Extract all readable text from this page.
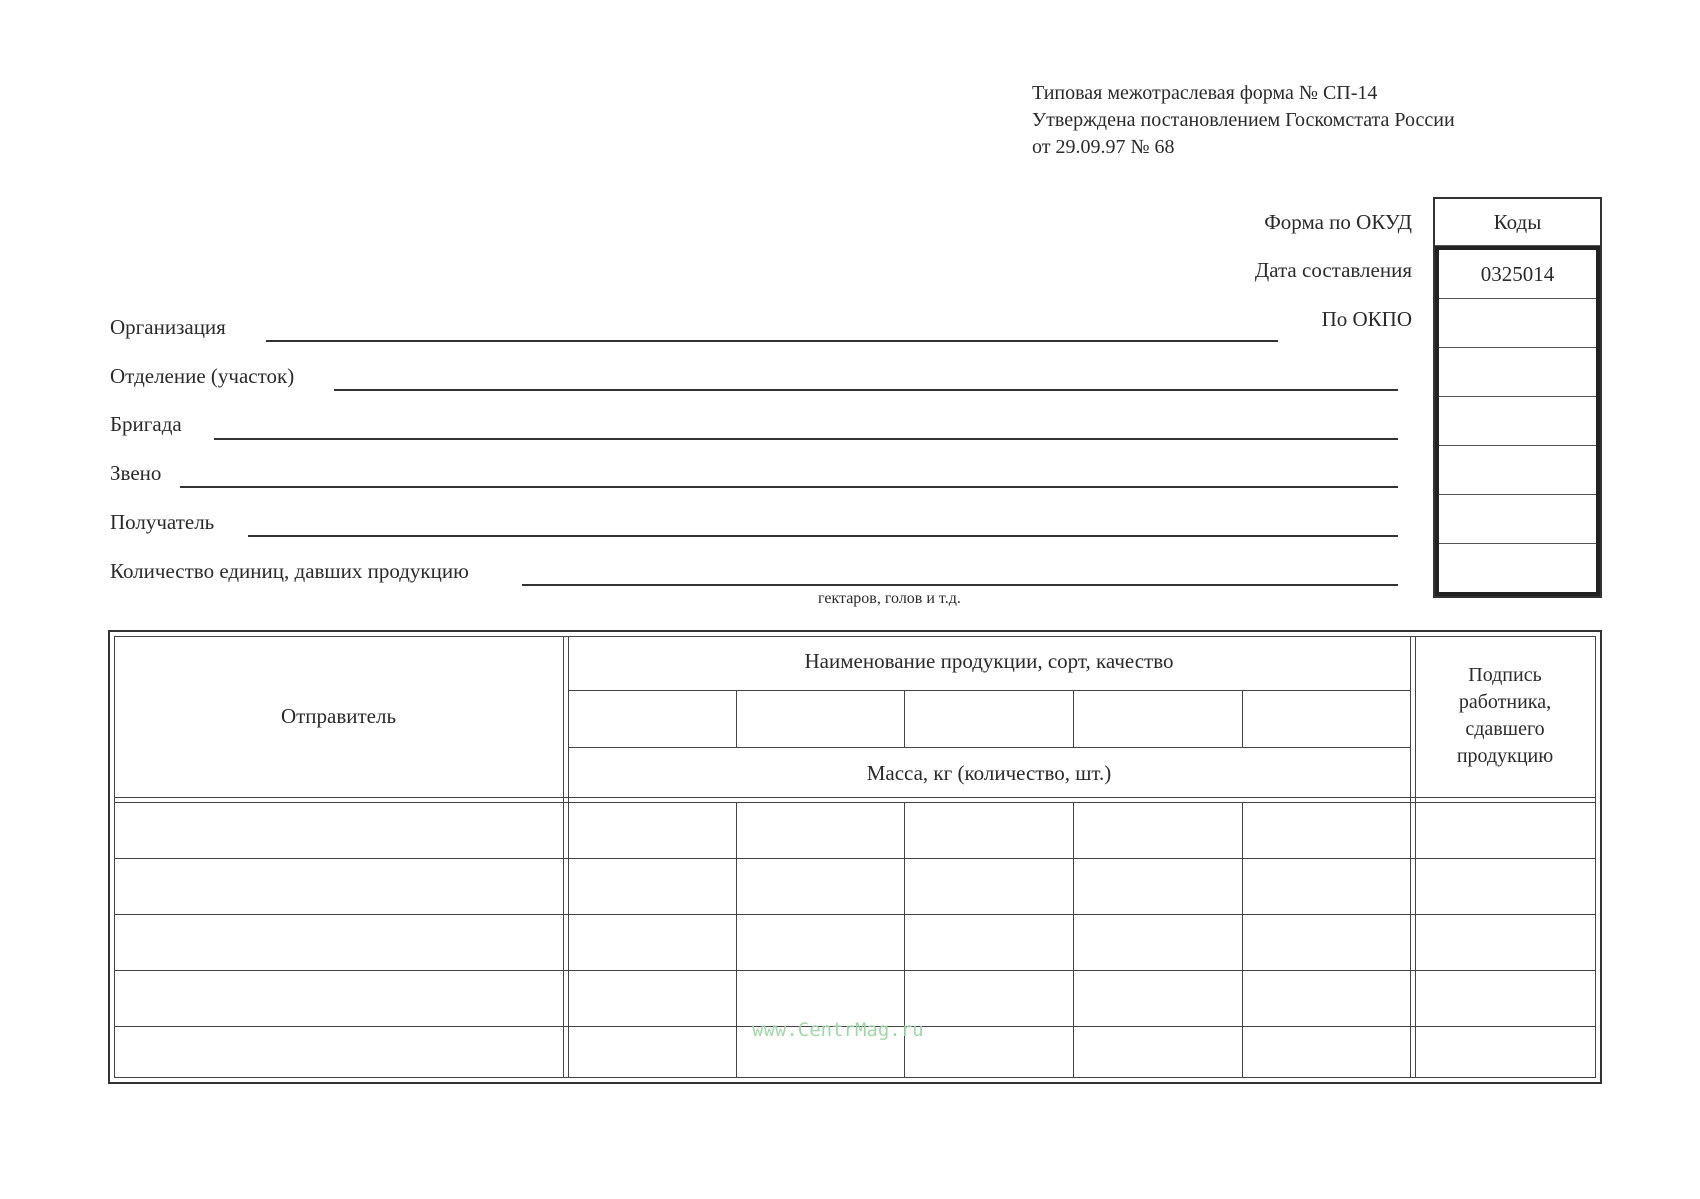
Типовая межотраслевая форма № СП-14
Утверждена постановлением Госкомстата России
от 29.09.97 № 68
Форма по ОКУД
Дата составления
По ОКПО
Коды
0325014
Организация
Отделение (участок)
Бригада
Звено
Получатель
Количество единиц, давших продукцию
гектаров, голов и т.д.
Отправитель
Наименование продукции, сорт, качество
Масса, кг (количество, шт.)
Подпись работника, сдавшего продукцию
www.CentrMag.ru
